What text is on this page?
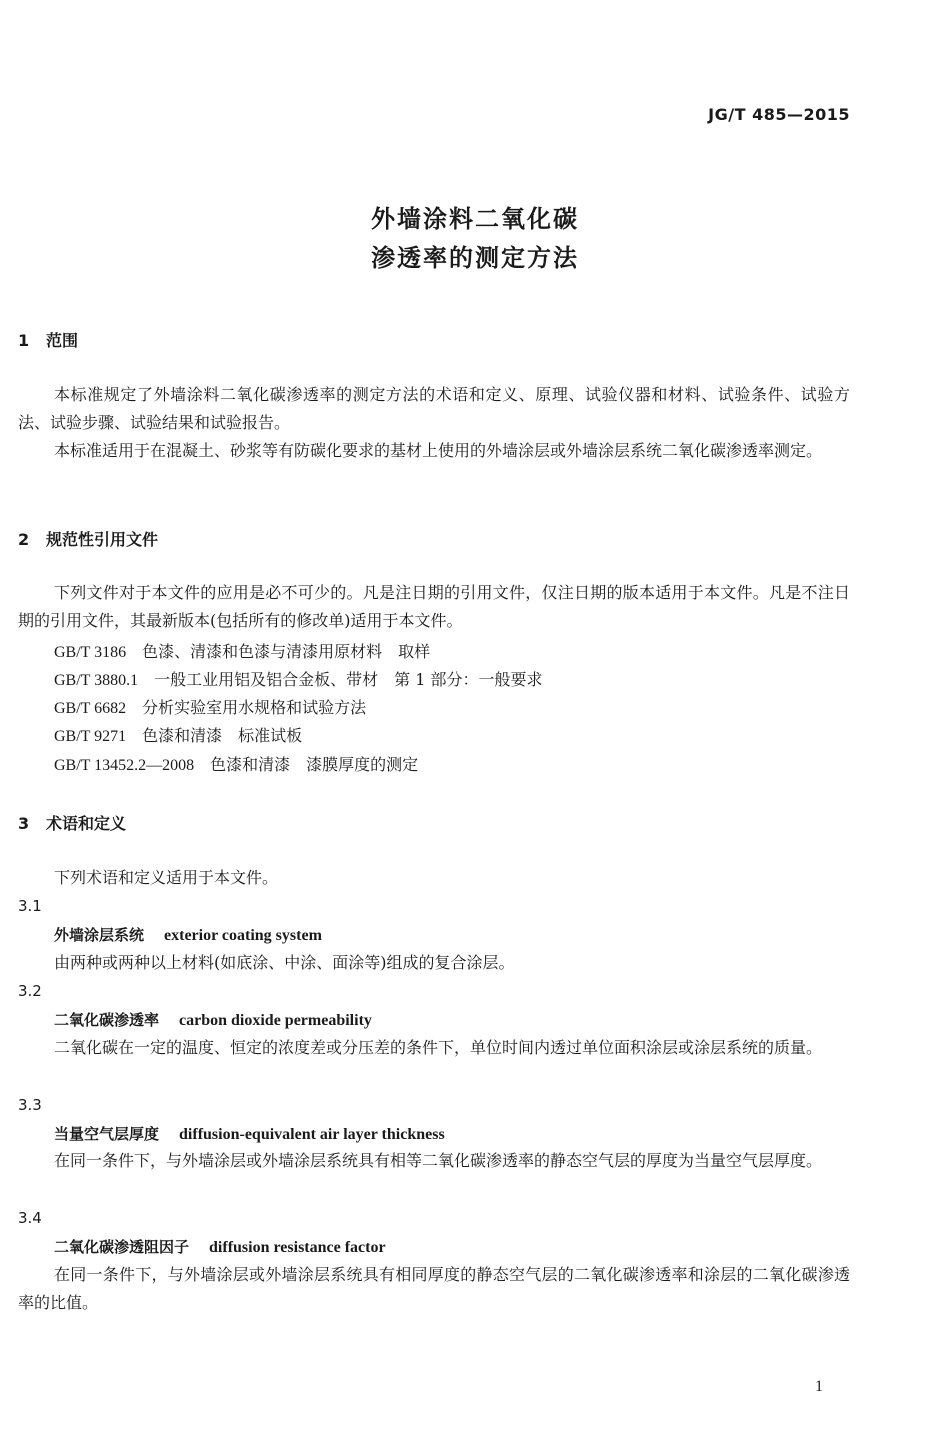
JG/T 485—2015
外墙涂料二氧化碳
渗透率的测定方法
1 范围

本标准规定了外墙涂料二氧化碳渗透率的测定方法的术语和定义、原理、试验仪器和材料、试验条件、试验方法、试验步骤、试验结果和试验报告。

本标准适用于在混凝土、砂浆等有防碳化要求的基材上使用的外墙涂层或外墙涂层系统二氧化碳渗透率测定。

2 规范性引用文件

下列文件对于本文件的应用是必不可少的。凡是注日期的引用文件，仅注日期的版本适用于本文件。凡是不注日期的引用文件，其最新版本(包括所有的修改单)适用于本文件。

GB/T 3186　 色漆、清漆和色漆与清漆用原材料　取样
GB/T 3880.1　 一般工业用铝及铝合金板、带材　第 1 部分：一般要求
GB/T 6682　 分析实验室用水规格和试验方法
GB/T 9271　 色漆和清漆　标准试板
GB/T 13452.2—2008　 色漆和清漆　漆膜厚度的测定
3 术语和定义

下列术语和定义适用于本文件。

3.1
外墙涂层系统 exterior coating system

由两种或两种以上材料(如底涂、中涂、面涂等)组成的复合涂层。

3.2
二氧化碳渗透率 carbon dioxide permeability

二氧化碳在一定的温度、恒定的浓度差或分压差的条件下，单位时间内透过单位面积涂层或涂层系统的质量。

3.3
当量空气层厚度 diffusion-equivalent air layer thickness

在同一条件下，与外墙涂层或外墙涂层系统具有相等二氧化碳渗透率的静态空气层的厚度为当量空气层厚度。

3.4
二氧化碳渗透阻因子 diffusion resistance factor

在同一条件下，与外墙涂层或外墙涂层系统具有相同厚度的静态空气层的二氧化碳渗透率和涂层的二氧化碳渗透率的比值。

1
